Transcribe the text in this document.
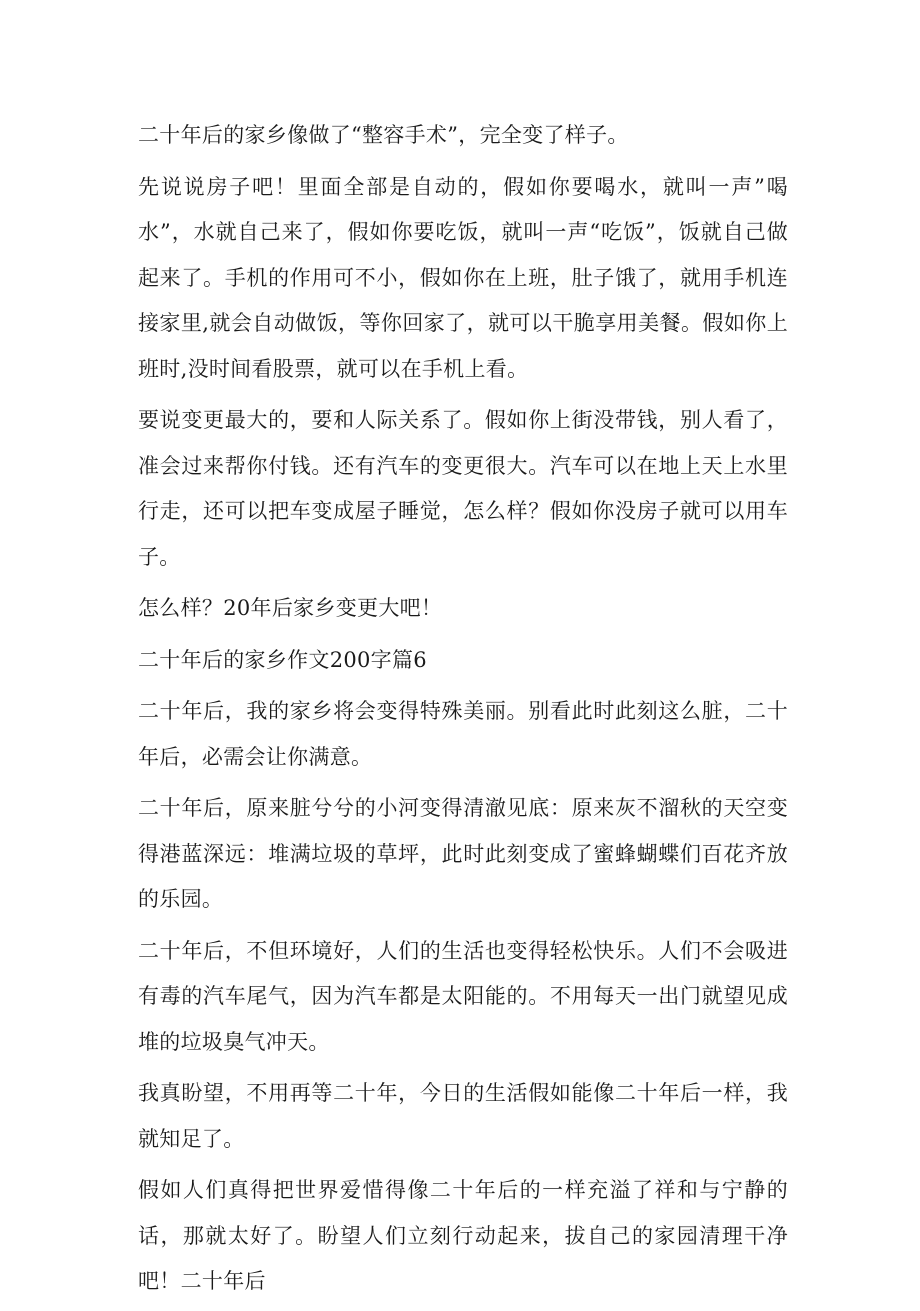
二十年后的家乡像做了“整容手术”，完全变了样子。

先说说房子吧！里面全部是自动的，假如你要喝水，就叫一声”喝水”，水就自己来了，假如你要吃饭，就叫一声“吃饭”，饭就自己做起来了。手机的作用可不小，假如你在上班，肚子饿了，就用手机连接家里,就会自动做饭，等你回家了，就可以干脆享用美餐。假如你上班时,没时间看股票，就可以在手机上看。

要说变更最大的，要和人际关系了。假如你上街没带钱，别人看了，准会过来帮你付钱。还有汽车的变更很大。汽车可以在地上天上水里行走，还可以把车变成屋子睡觉，怎么样？假如你没房子就可以用车子。

怎么样？20年后家乡变更大吧！

二十年后的家乡作文200字篇6

二十年后，我的家乡将会变得特殊美丽。别看此时此刻这么脏，二十年后，必需会让你满意。

二十年后，原来脏兮兮的小河变得清澈见底：原来灰不溜秋的天空变得港蓝深远：堆满垃圾的草坪，此时此刻变成了蜜蜂蝴蝶们百花齐放的乐园。

二十年后，不但环境好，人们的生活也变得轻松快乐。人们不会吸进有毒的汽车尾气，因为汽车都是太阳能的。不用每天一出门就望见成堆的垃圾臭气冲天。

我真盼望，不用再等二十年，今日的生活假如能像二十年后一样，我就知足了。

假如人们真得把世界爱惜得像二十年后的一样充溢了祥和与宁静的话，那就太好了。盼望人们立刻行动起来，拔自己的家园清理干净吧！二十年后
